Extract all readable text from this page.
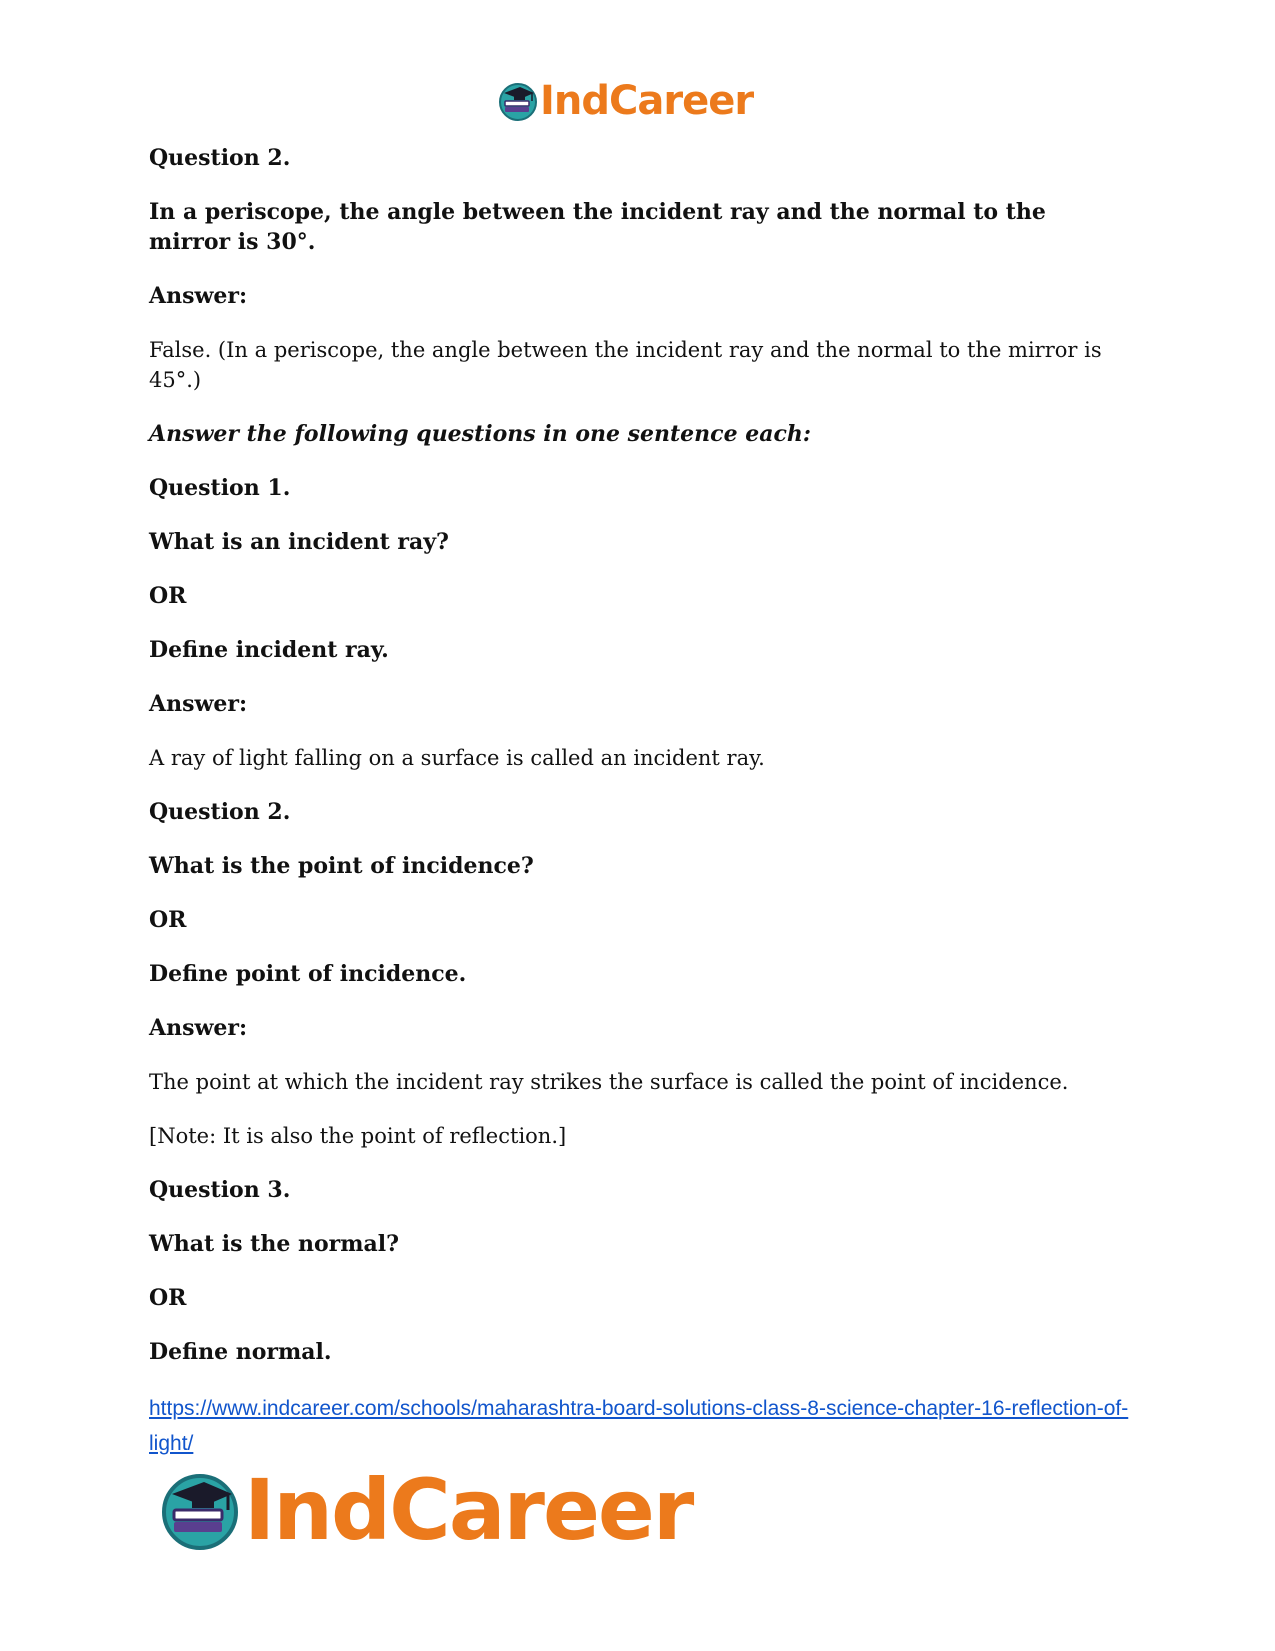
IndCareer
Question 2.
In a periscope, the angle between the incident ray and the normal to the mirror is 30°.
Answer:
False. (In a periscope, the angle between the incident ray and the normal to the mirror is 45°.)
Answer the following questions in one sentence each:
Question 1.
What is an incident ray?
OR
Define incident ray.
Answer:
A ray of light falling on a surface is called an incident ray.
Question 2.
What is the point of incidence?
OR
Define point of incidence.
Answer:
The point at which the incident ray strikes the surface is called the point of incidence.
[Note: It is also the point of reflection.]
Question 3.
What is the normal?
OR
Define normal.
https://www.indcareer.com/schools/maharashtra-board-solutions-class-8-science-chapter-16-reflection-of-light/
IndCareer
